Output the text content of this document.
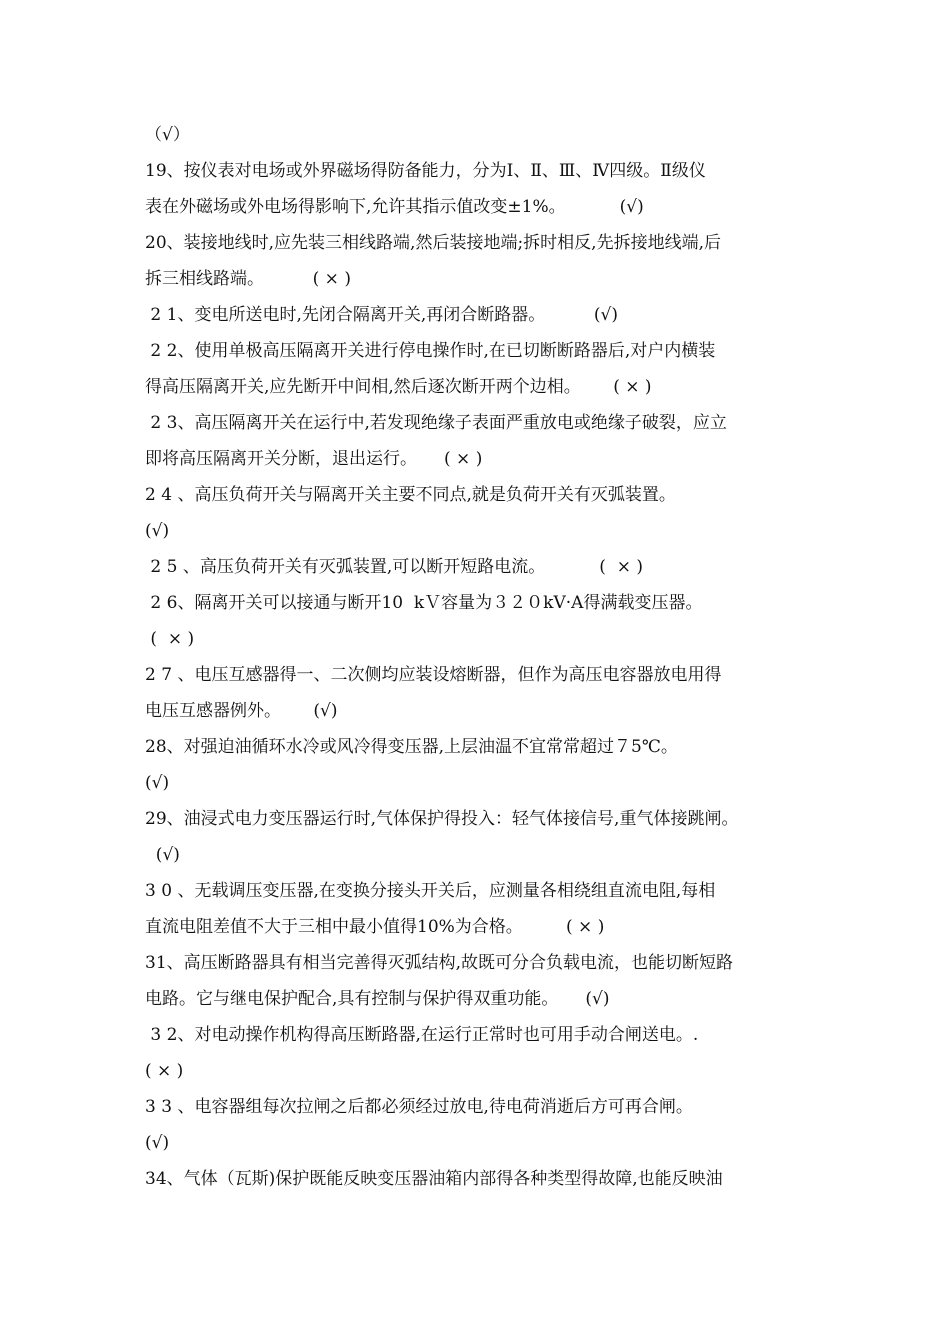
（√）
19、按仪表对电场或外界磁场得防备能力，分为Ⅰ、Ⅱ、Ⅲ、Ⅳ四级。Ⅱ级仪
表在外磁场或外电场得影响下,允许其指示值改变±1%。          (√)
20、装接地线时,应先装三相线路端,然后装接地端;拆时相反,先拆接地线端,后
拆三相线路端。         ( × )
2 1、变电所送电时,先闭合隔离开关,再闭合断路器。         (√)
2 2、使用单极高压隔离开关进行停电操作时,在已切断断路器后,对户内横装
得高压隔离开关,应先断开中间相,然后逐次断开两个边相。      ( × )
2 3、高压隔离开关在运行中,若发现绝缘子表面严重放电或绝缘子破裂，应立
即将高压隔离开关分断，退出运行。     ( × )
2 4 、高压负荷开关与隔离开关主要不同点,就是负荷开关有灭弧装置。
(√)
2 5 、高压负荷开关有灭弧装置,可以断开短路电流。          (  × )
2 6、隔离开关可以接通与断开10  kＶ容量为３２０kV·A得满载变压器。
(  × )
2 7 、电压互感器得一、二次侧均应装设熔断器，但作为高压电容器放电用得
电压互感器例外。      (√)
28、对强迫油循环水冷或风冷得变压器,上层油温不宜常常超过７5℃。
(√)
29、油浸式电力变压器运行时,气体保护得投入：轻气体接信号,重气体接跳闸。
(√)
3 0 、无载调压变压器,在变换分接头开关后，应测量各相绕组直流电阻,每相
直流电阻差值不大于三相中最小值得10%为合格。        ( × )
31、高压断路器具有相当完善得灭弧结构,故既可分合负载电流，也能切断短路
电路。它与继电保护配合,具有控制与保护得双重功能。     (√)
3 2、对电动操作机构得高压断路器,在运行正常时也可用手动合闸送电。.
( × )
3 3 、电容器组每次拉闸之后都必须经过放电,待电荷消逝后方可再合闸。
(√)
34、气体（瓦斯)保护既能反映变压器油箱内部得各种类型得故障,也能反映油
